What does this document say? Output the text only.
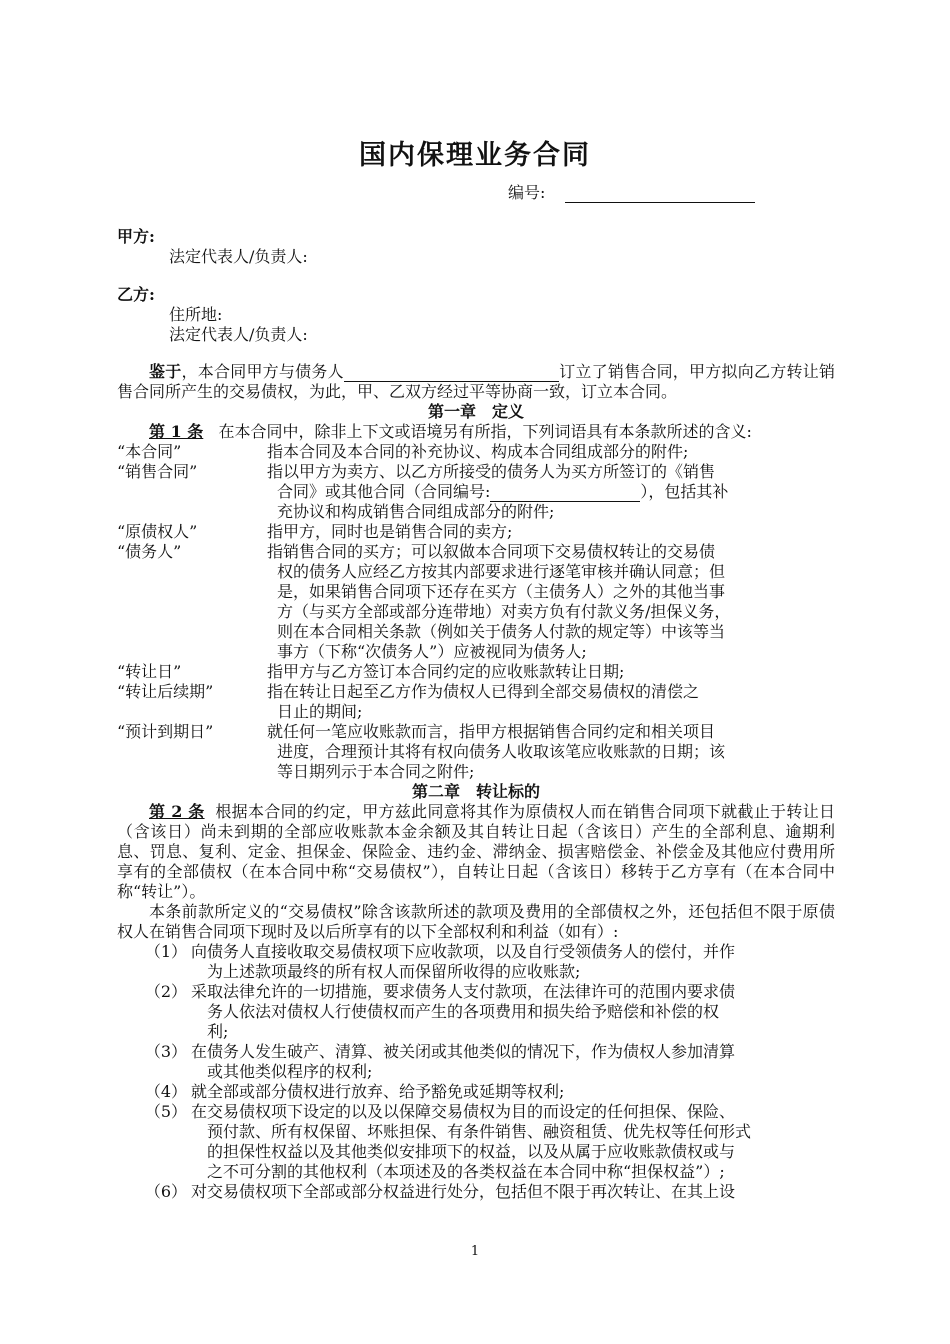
国内保理业务合同
编号:
甲方:
法定代表人/负责人:
乙方:
住所地:
法定代表人/负责人:

鉴于，本合同甲方与债务人	订立了销售合同，甲方拟向乙方转让销售合同所产生的交易债权，为此，甲、乙双方经过平等协商一致，订立本合同。

第一章　定义

第 1 条 在本合同中，除非上下文或语境另有所指，下列词语具有本条款所述的含义:

“本合同”	指本合同及本合同的补充协议、构成本合同组成部分的附件;
“销售合同”	指以甲方为卖方、以乙方所接受的债务人为买方所签订的《销售
合同》或其他合同（合同编号:	），包括其补
充协议和构成销售合同组成部分的附件;
“原债权人”	指甲方，同时也是销售合同的卖方;
“债务人”	指销售合同的买方；可以叙做本合同项下交易债权转让的交易债
权的债务人应经乙方按其内部要求进行逐笔审核并确认同意；但
是，如果销售合同项下还存在买方（主债务人）之外的其他当事
方（与买方全部或部分连带地）对卖方负有付款义务/担保义务，
则在本合同相关条款（例如关于债务人付款的规定等）中该等当
事方（下称“次债务人”）应被视同为债务人;
“转让日”	指甲方与乙方签订本合同约定的应收账款转让日期;
“转让后续期”	指在转让日起至乙方作为债权人已得到全部交易债权的清偿之
日止的期间;
“预计到期日”	就任何一笔应收账款而言，指甲方根据销售合同约定和相关项目
进度，合理预计其将有权向债务人收取该笔应收账款的日期；该
等日期列示于本合同之附件;

第二章　转让标的

第 2 条 根据本合同的约定，甲方兹此同意将其作为原债权人而在销售合同项下就截止于转让日（含该日）尚未到期的全部应收账款本金余额及其自转让日起（含该日）产生的全部利息、逾期利息、罚息、复利、定金、担保金、保险金、违约金、滞纳金、损害赔偿金、补偿金及其他应付费用所享有的全部债权（在本合同中称“交易债权”），自转让日起（含该日）移转于乙方享有（在本合同中称“转让”）。

本条前款所定义的“交易债权”除含该款所述的款项及费用的全部债权之外，还包括但不限于原债权人在销售合同项下现时及以后所享有的以下全部权利和利益（如有）:

（1） 向债务人直接收取交易债权项下应收款项，以及自行受领债务人的偿付，并作
为上述款项最终的所有权人而保留所收得的应收账款;
（2） 采取法律允许的一切措施，要求债务人支付款项，在法律许可的范围内要求债
务人依法对债权人行使债权而产生的各项费用和损失给予赔偿和补偿的权
利;
（3） 在债务人发生破产、清算、被关闭或其他类似的情况下，作为债权人参加清算
或其他类似程序的权利;
（4） 就全部或部分债权进行放弃、给予豁免或延期等权利;
（5） 在交易债权项下设定的以及以保障交易债权为目的而设定的任何担保、保险、
预付款、所有权保留、坏账担保、有条件销售、融资租赁、优先权等任何形式
的担保性权益以及其他类似安排项下的权益，以及从属于应收账款债权或与
之不可分割的其他权利（本项述及的各类权益在本合同中称“担保权益”）;
（6） 对交易债权项下全部或部分权益进行处分，包括但不限于再次转让、在其上设
1
